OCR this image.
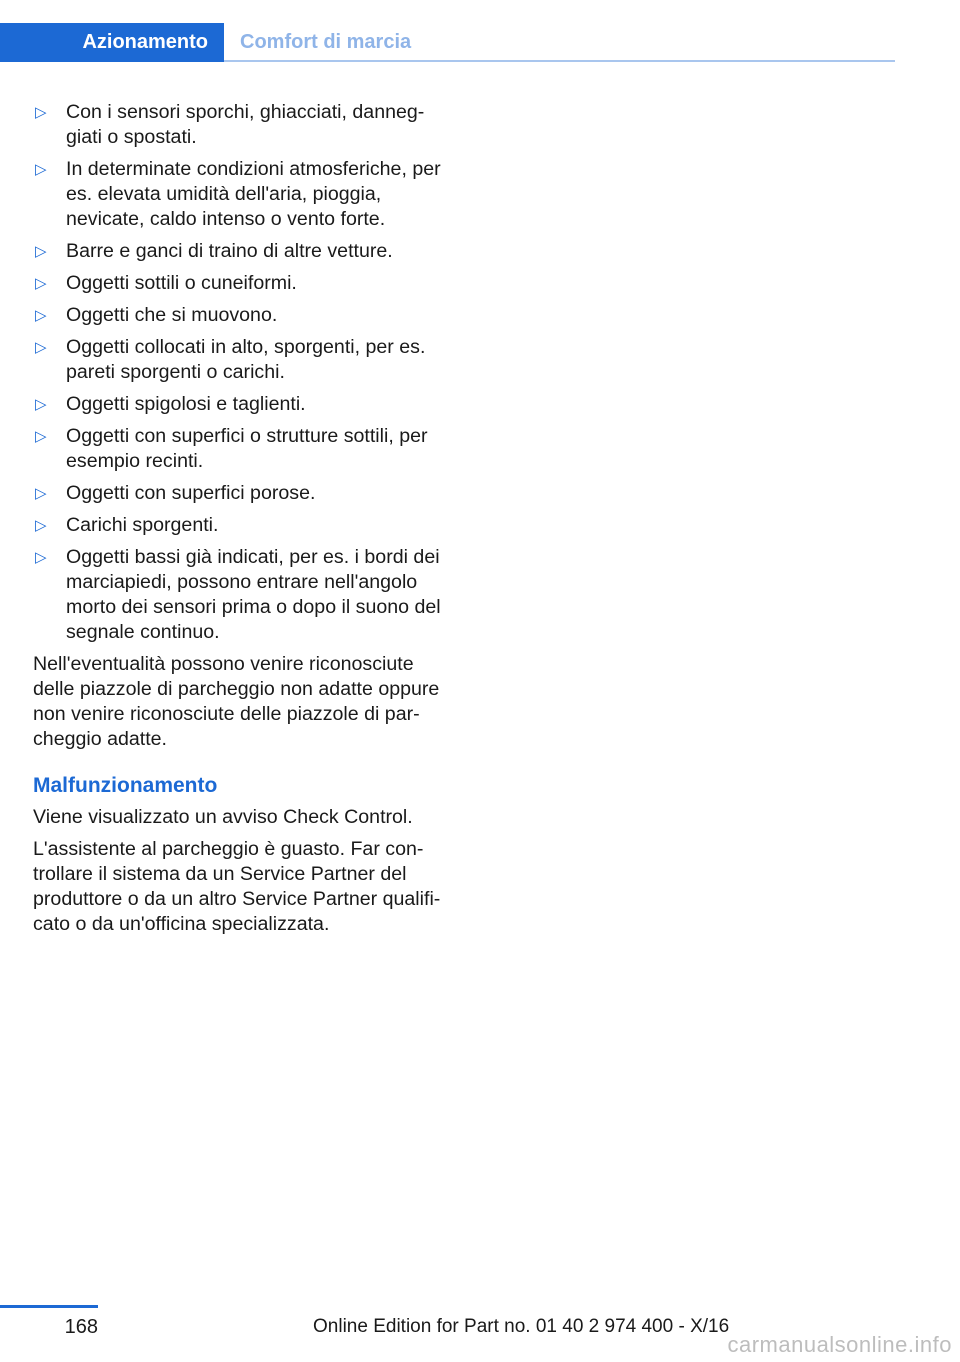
Azionamento Comfort di marcia
▷ Con i sensori sporchi, ghiacciati, danneg‐ giati o spostati.
▷ In determinate condizioni atmosferiche, per es. elevata umidità dell'aria, pioggia, nevicate, caldo intenso o vento forte.
▷ Barre e ganci di traino di altre vetture.
▷ Oggetti sottili o cuneiformi.
▷ Oggetti che si muovono.
▷ Oggetti collocati in alto, sporgenti, per es. pareti sporgenti o carichi.
▷ Oggetti spigolosi e taglienti.
▷ Oggetti con superfici o strutture sottili, per esempio recinti.
▷ Oggetti con superfici porose.
▷ Carichi sporgenti.
▷ Oggetti bassi già indicati, per es. i bordi dei marciapiedi, possono entrare nell'angolo morto dei sensori prima o dopo il suono del segnale continuo.

Nell'eventualità possono venire riconosciute delle piazzole di parcheggio non adatte oppure non venire riconosciute delle piazzole di par‐ cheggio adatte.

Malfunzionamento

Viene visualizzato un avviso Check Control.

L'assistente al parcheggio è guasto. Far con‐ trollare il sistema da un Service Partner del produttore o da un altro Service Partner qualifi‐ cato o da un'officina specializzata.

168	Online Edition for Part no. 01 40 2 974 400 - X/16
carmanualsonline.info
